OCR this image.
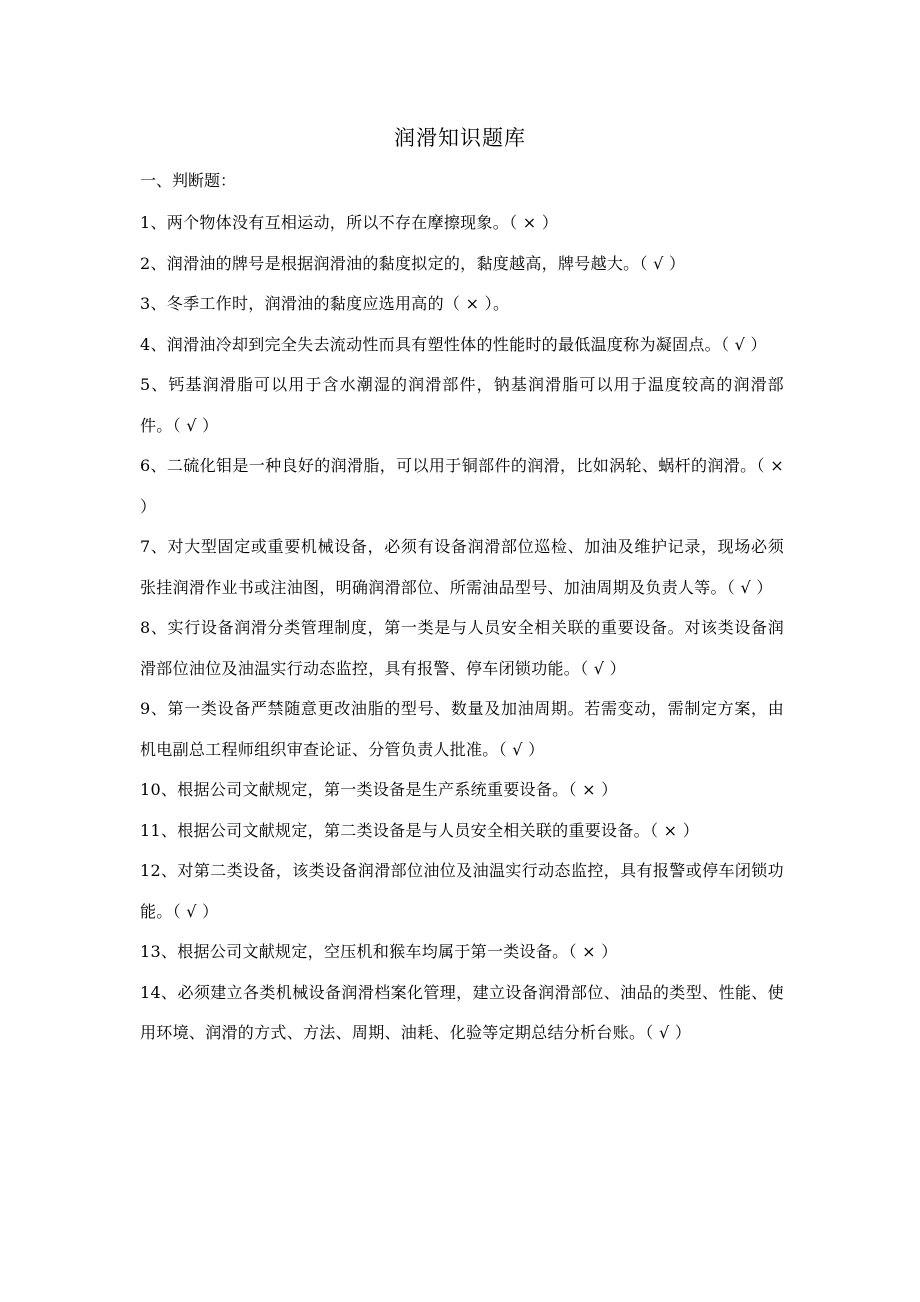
润滑知识题库
一、判断题：
1、两个物体没有互相运动，所以不存在摩擦现象。（ × ）
2、润滑油的牌号是根据润滑油的黏度拟定的，黏度越高，牌号越大。（ √ ）
3、冬季工作时，润滑油的黏度应选用高的（ × ）。
4、润滑油冷却到完全失去流动性而具有塑性体的性能时的最低温度称为凝固点。（ √ ）
5、钙基润滑脂可以用于含水潮湿的润滑部件，钠基润滑脂可以用于温度较高的润滑部件。（ √ ）
6、二硫化钼是一种良好的润滑脂，可以用于铜部件的润滑，比如涡轮、蜗杆的润滑。（ × ）
7、对大型固定或重要机械设备，必须有设备润滑部位巡检、加油及维护记录，现场必须张挂润滑作业书或注油图，明确润滑部位、所需油品型号、加油周期及负责人等。（ √ ）
8、实行设备润滑分类管理制度，第一类是与人员安全相关联的重要设备。对该类设备润滑部位油位及油温实行动态监控，具有报警、停车闭锁功能。（ √ ）
9、第一类设备严禁随意更改油脂的型号、数量及加油周期。若需变动，需制定方案，由机电副总工程师组织审查论证、分管负责人批准。（ √ ）
10、根据公司文献规定，第一类设备是生产系统重要设备。（ × ）
11、根据公司文献规定，第二类设备是与人员安全相关联的重要设备。（ × ）
12、对第二类设备，该类设备润滑部位油位及油温实行动态监控，具有报警或停车闭锁功能。（ √ ）
13、根据公司文献规定，空压机和猴车均属于第一类设备。（ × ）
14、必须建立各类机械设备润滑档案化管理，建立设备润滑部位、油品的类型、性能、使用环境、润滑的方式、方法、周期、油耗、化验等定期总结分析台账。（ √ ）
